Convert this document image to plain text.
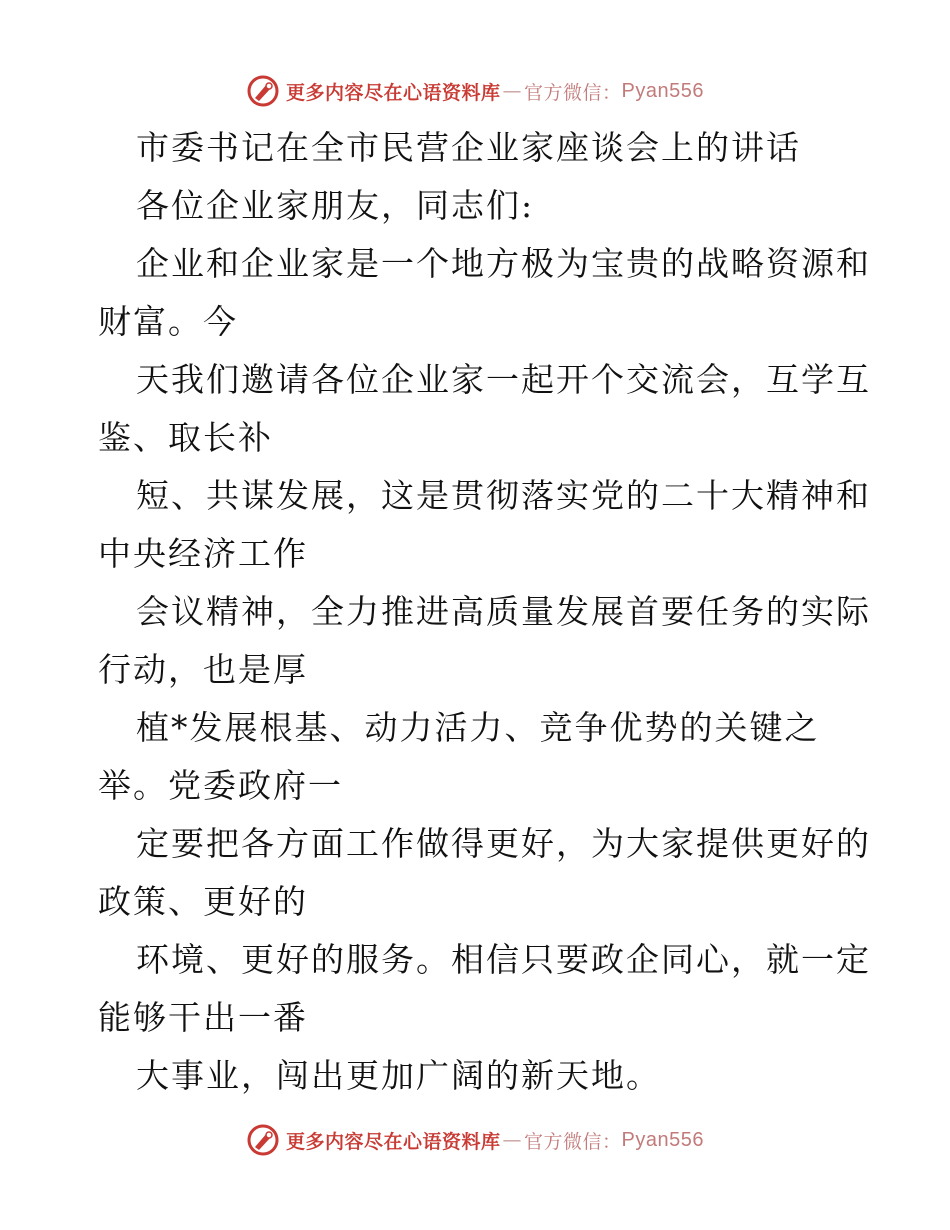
更多内容尽在心语资料库 — 官方微信： Pyan556
市委书记在全市民营企业家座谈会上的讲话
各位企业家朋友，同志们:
企业和企业家是一个地方极为宝贵的战略资源和
财富。今
天我们邀请各位企业家一起开个交流会，互学互
鉴、取长补
短、共谋发展，这是贯彻落实党的二十大精神和
中央经济工作
会议精神，全力推进高质量发展首要任务的实际
行动，也是厚
植*发展根基、动力活力、竞争优势的关键之
举。党委政府一
定要把各方面工作做得更好，为大家提供更好的
政策、更好的
环境、更好的服务。相信只要政企同心，就一定
能够干出一番
大事业，闯出更加广阔的新天地。
更多内容尽在心语资料库 — 官方微信： Pyan556
